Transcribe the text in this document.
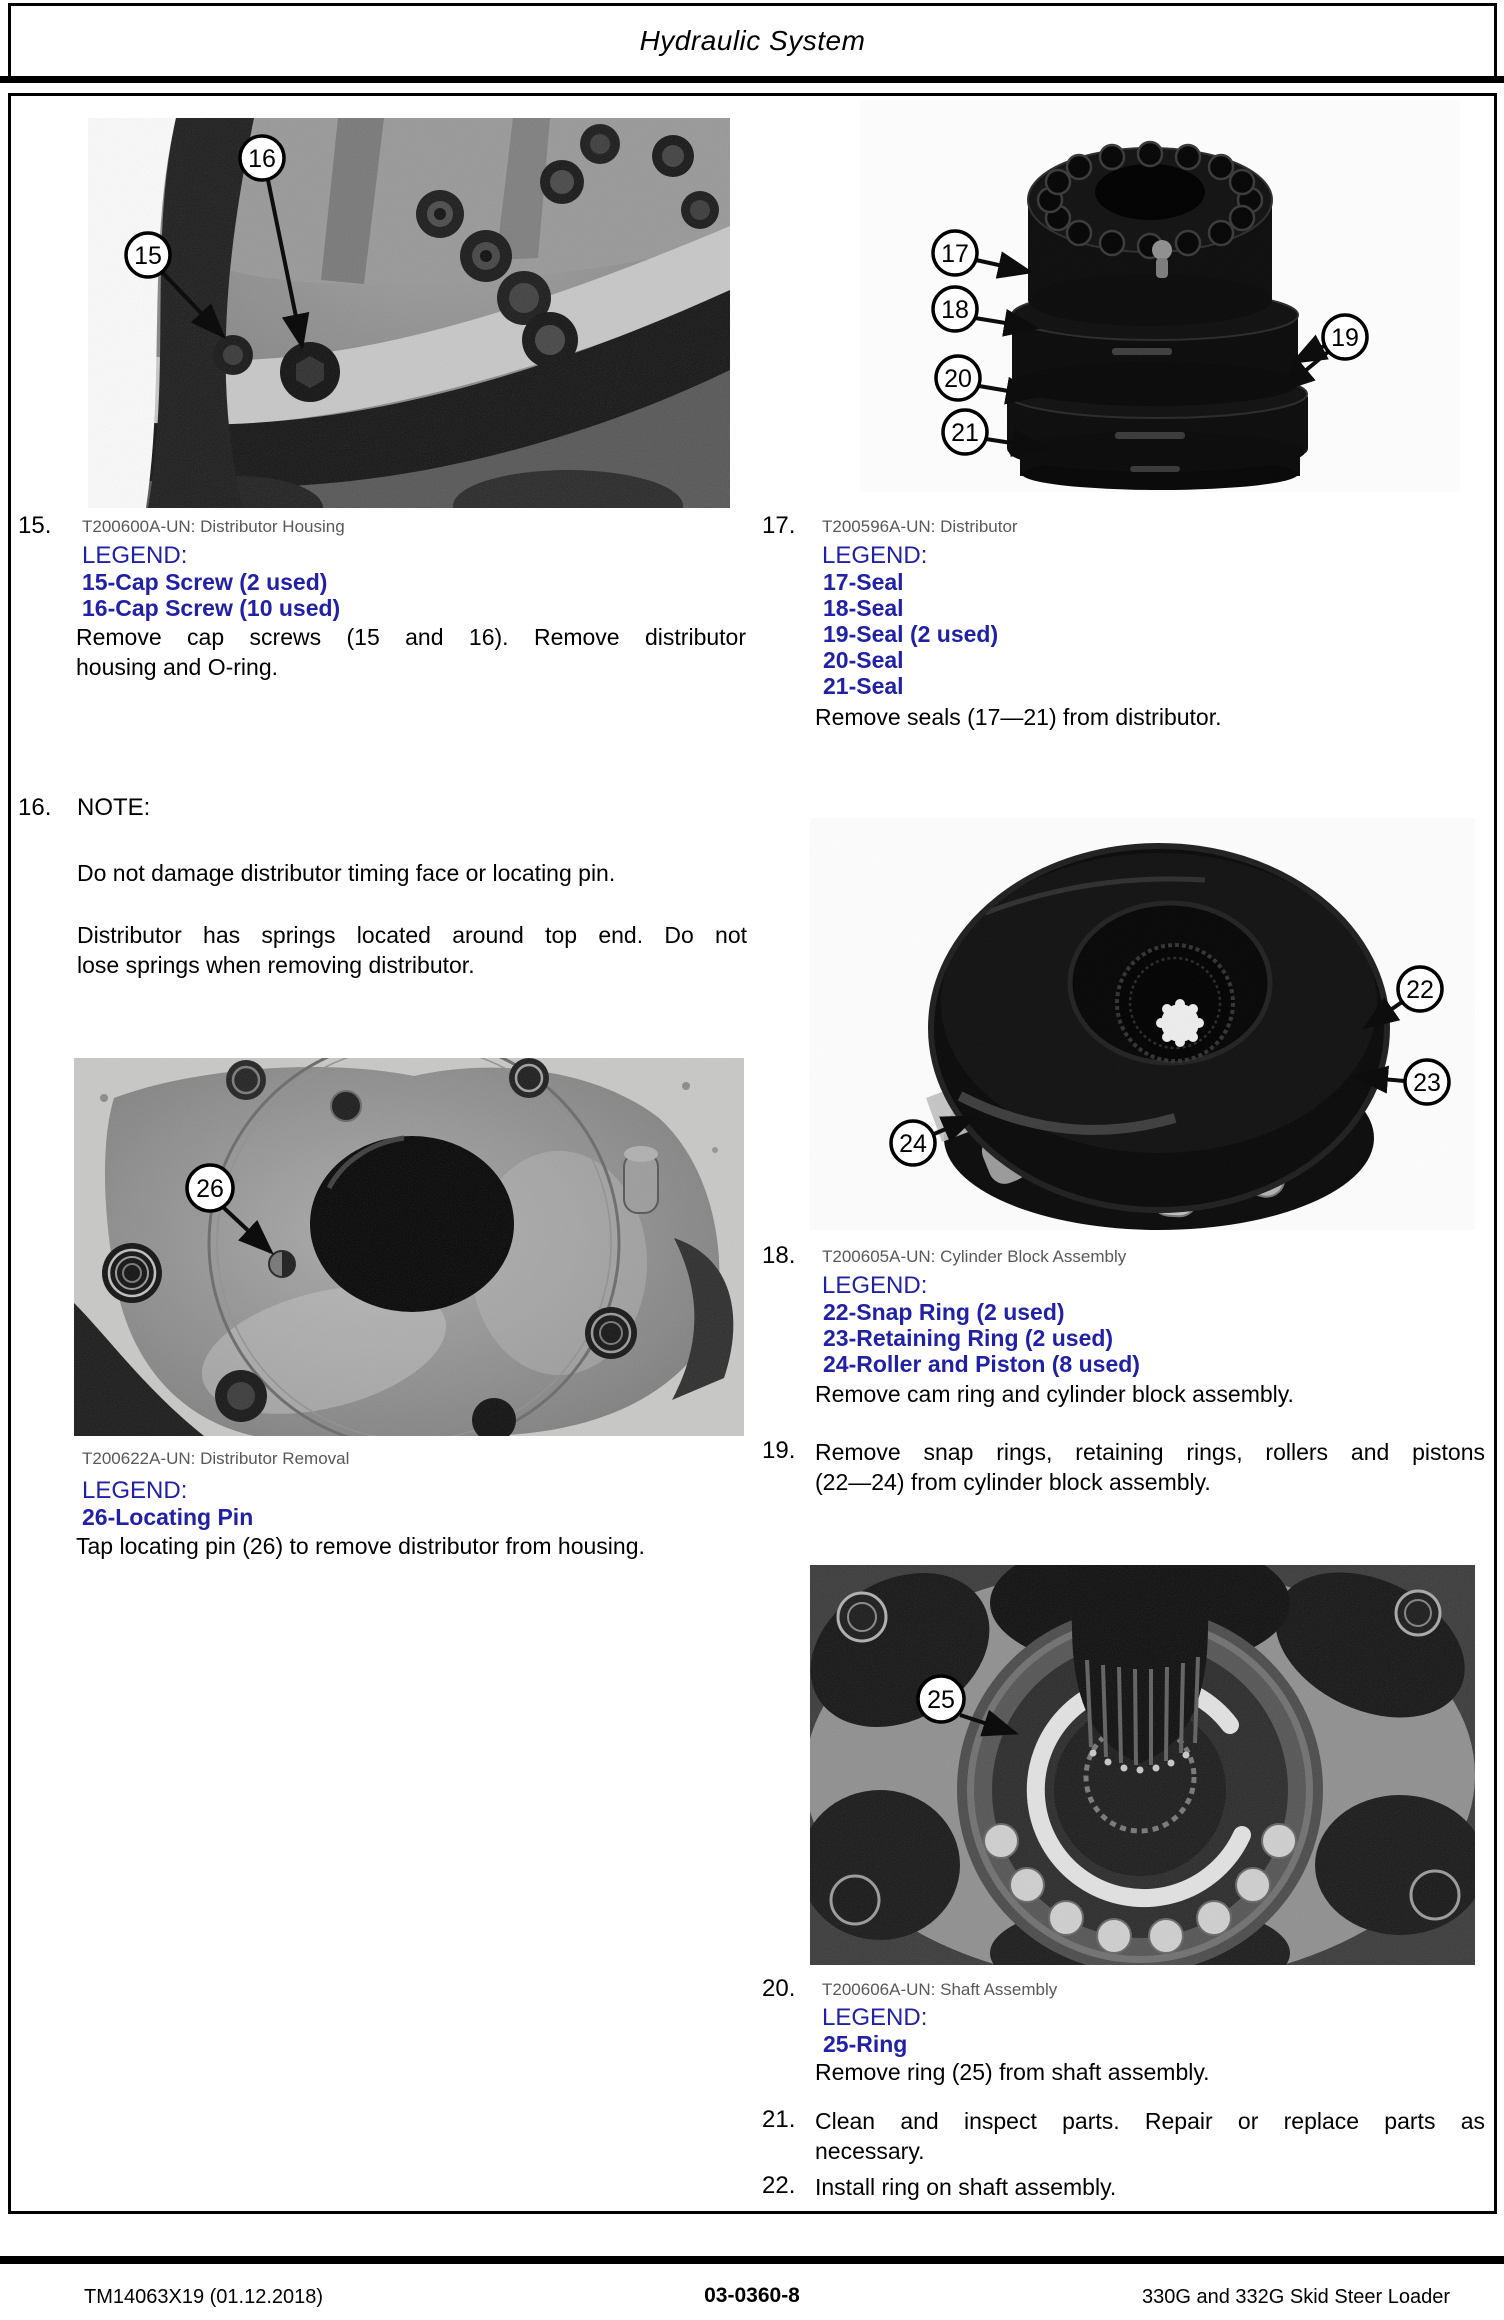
Hydraulic System
15
16
15. T200600A-UN: Distributor Housing
LEGEND:
15-Cap Screw (2 used)
16-Cap Screw (10 used)
Remove cap screws (15 and 16). Remove distributor
housing and O-ring.
16. NOTE:
Do not damage distributor timing face or locating pin.
Distributor has springs located around top end. Do not
lose springs when removing distributor.
26
T200622A-UN: Distributor Removal
LEGEND:
26-Locating Pin
Tap locating pin (26) to remove distributor from housing.
17
18
19
20
21
17. T200596A-UN: Distributor
LEGEND:
17-Seal
18-Seal
19-Seal (2 used)
20-Seal
21-Seal
Remove seals (17—21) from distributor.
22
23
24
18. T200605A-UN: Cylinder Block Assembly
LEGEND:
22-Snap Ring (2 used)
23-Retaining Ring (2 used)
24-Roller and Piston (8 used)
Remove cam ring and cylinder block assembly.
19. Remove snap rings, retaining rings, rollers and pistons
(22—24) from cylinder block assembly.
25
20. T200606A-UN: Shaft Assembly
LEGEND:
25-Ring
Remove ring (25) from shaft assembly.
21. Clean and inspect parts. Repair or replace parts as
necessary.
22. Install ring on shaft assembly.
TM14063X19 (01.12.2018)	03-0360-8	330G and 332G Skid Steer Loader
